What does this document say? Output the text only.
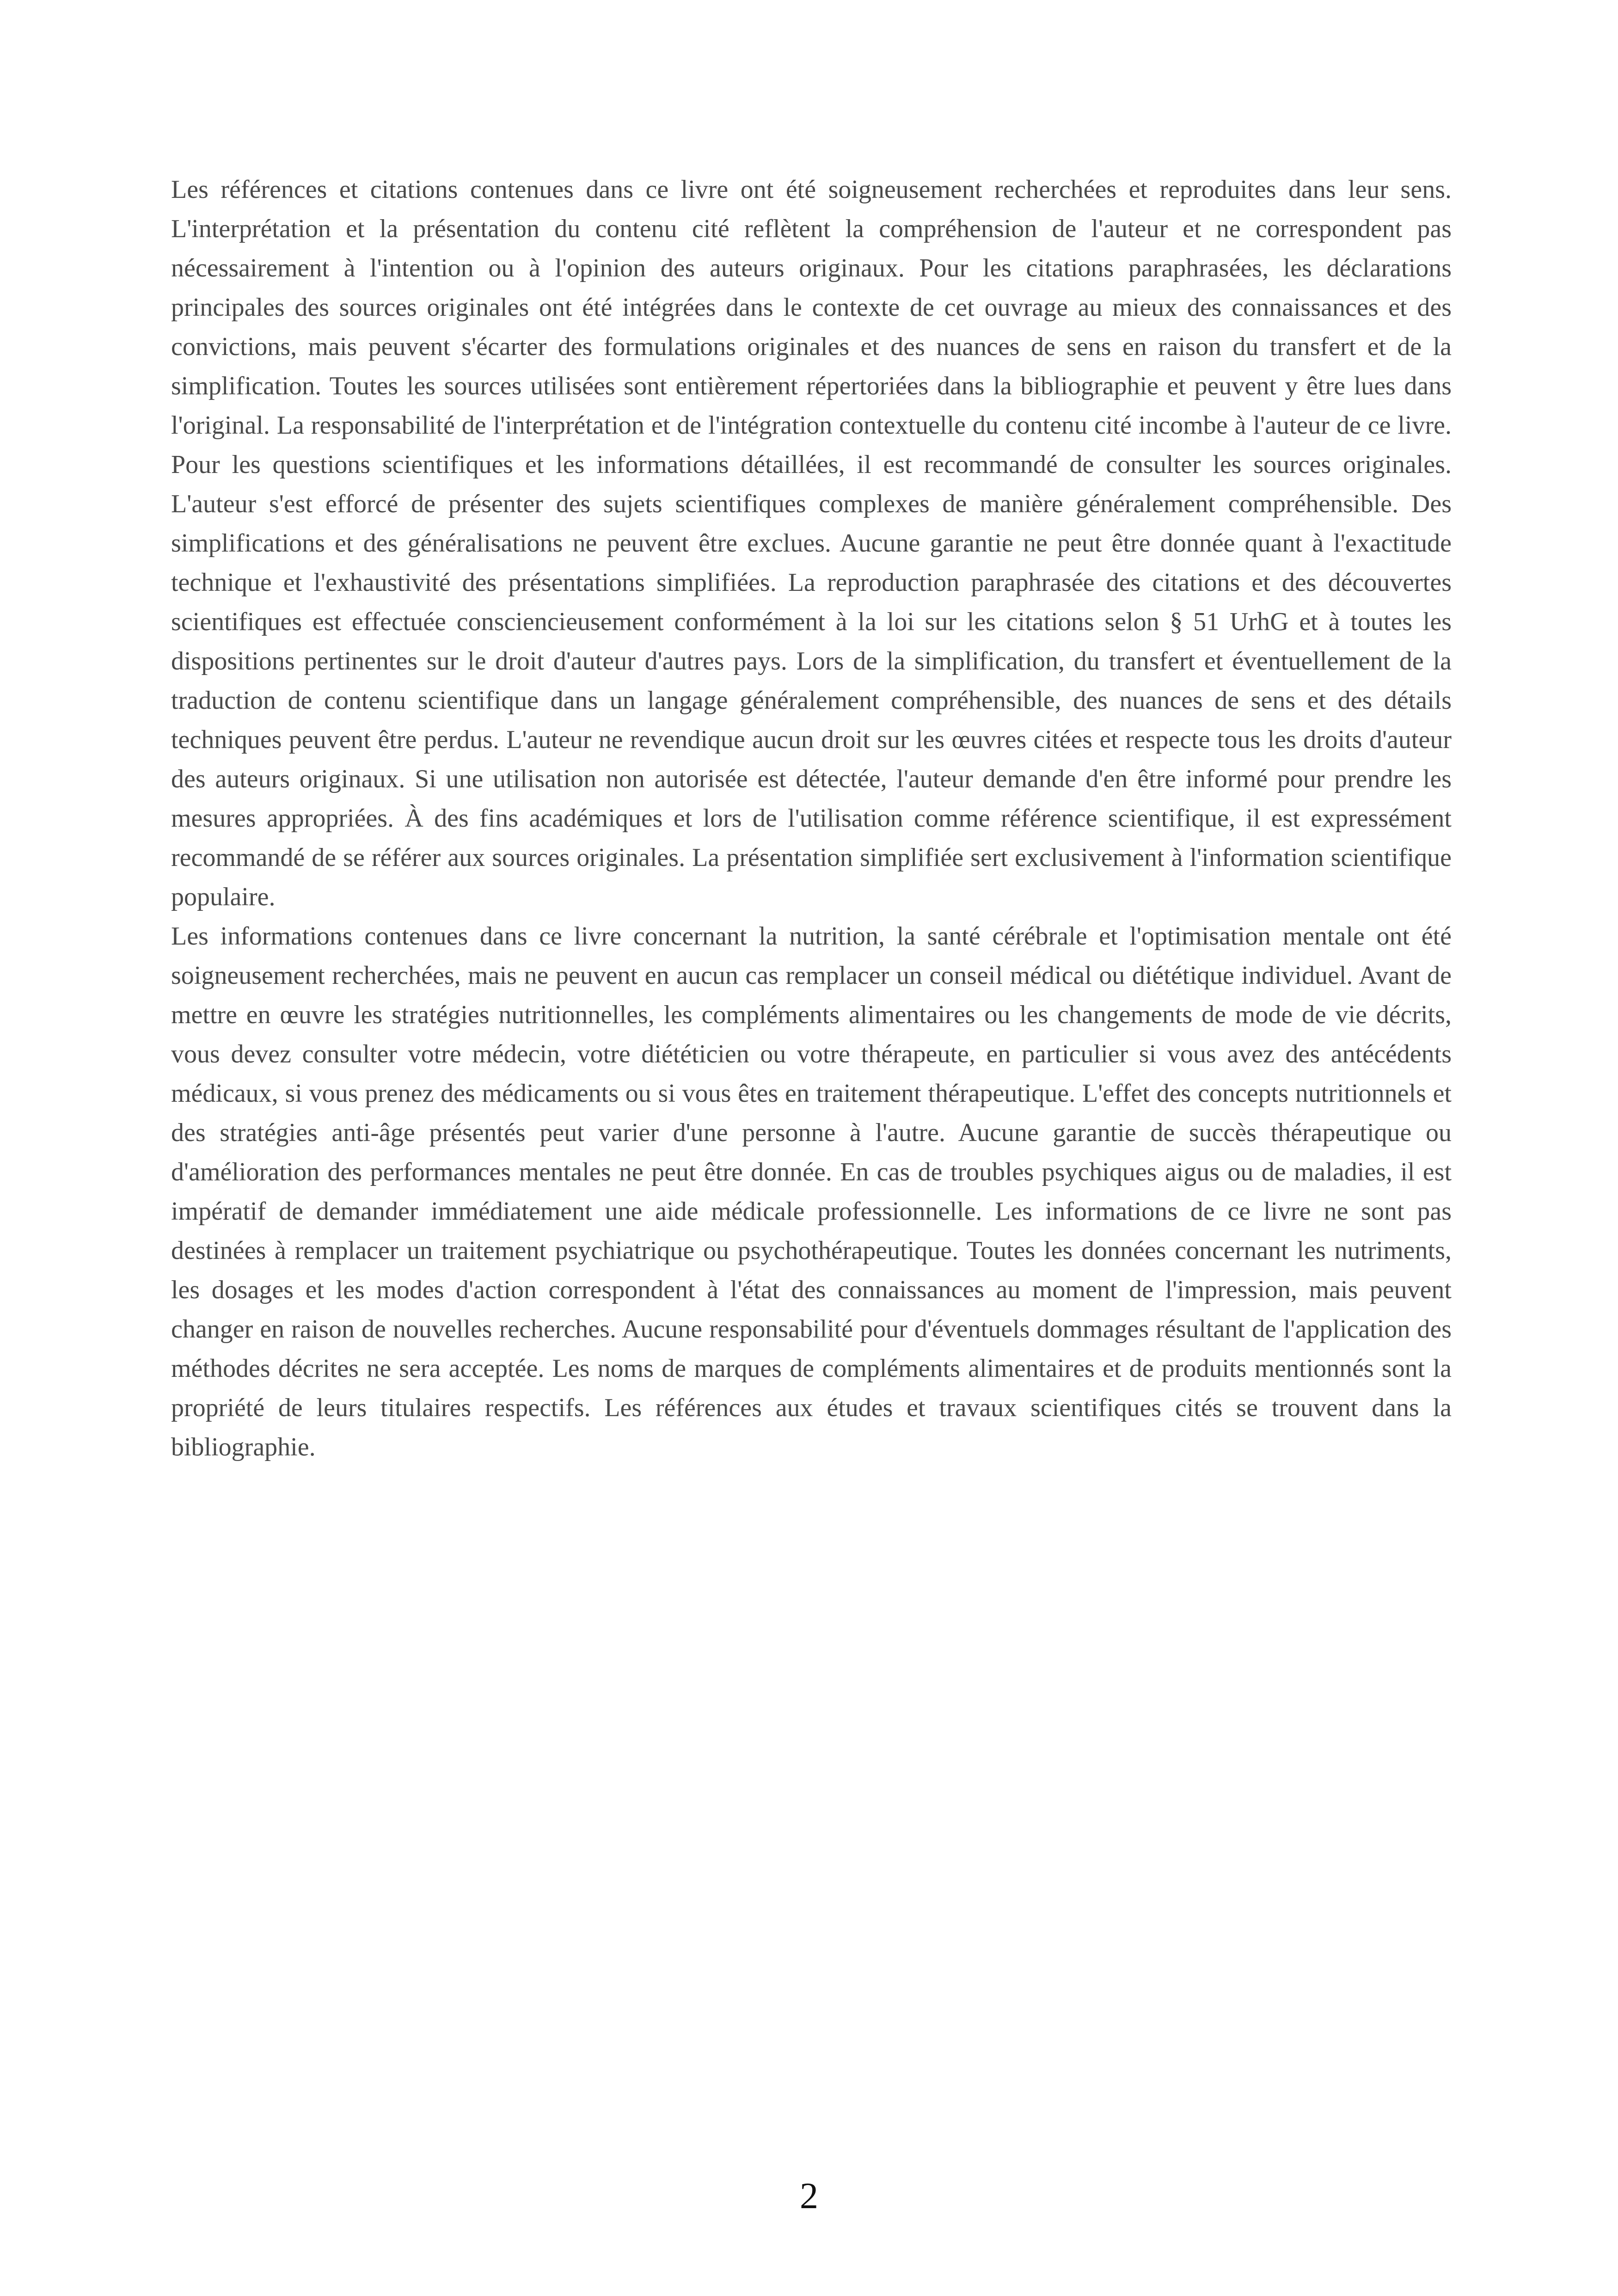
Les références et citations contenues dans ce livre ont été soigneusement recherchées et reproduites dans leur sens. L'interprétation et la présentation du contenu cité reflètent la compréhension de l'auteur et ne correspondent pas nécessairement à l'intention ou à l'opinion des auteurs originaux. Pour les citations paraphrasées, les déclarations principales des sources originales ont été intégrées dans le contexte de cet ouvrage au mieux des connaissances et des convictions, mais peuvent s'écarter des formulations originales et des nuances de sens en raison du transfert et de la simplification. Toutes les sources utilisées sont entièrement répertoriées dans la bibliographie et peuvent y être lues dans l'original. La responsabilité de l'interprétation et de l'intégration contextuelle du contenu cité incombe à l'auteur de ce livre. Pour les questions scientifiques et les informations détaillées, il est recommandé de consulter les sources originales. L'auteur s'est efforcé de présenter des sujets scientifiques complexes de manière généralement compréhensible. Des simplifications et des généralisations ne peuvent être exclues. Aucune garantie ne peut être donnée quant à l'exactitude technique et l'exhaustivité des présentations simplifiées. La reproduction paraphrasée des citations et des découvertes scientifiques est effectuée consciencieusement conformément à la loi sur les citations selon § 51 UrhG et à toutes les dispositions pertinentes sur le droit d'auteur d'autres pays. Lors de la simplification, du transfert et éventuellement de la traduction de contenu scientifique dans un langage généralement compréhensible, des nuances de sens et des détails techniques peuvent être perdus. L'auteur ne revendique aucun droit sur les œuvres citées et respecte tous les droits d'auteur des auteurs originaux. Si une utilisation non autorisée est détectée, l'auteur demande d'en être informé pour prendre les mesures appropriées. À des fins académiques et lors de l'utilisation comme référence scientifique, il est expressément recommandé de se référer aux sources originales. La présentation simplifiée sert exclusivement à l'information scientifique populaire.

Les informations contenues dans ce livre concernant la nutrition, la santé cérébrale et l'optimisation mentale ont été soigneusement recherchées, mais ne peuvent en aucun cas remplacer un conseil médical ou diététique individuel. Avant de mettre en œuvre les stratégies nutritionnelles, les compléments alimentaires ou les changements de mode de vie décrits, vous devez consulter votre médecin, votre diététicien ou votre thérapeute, en particulier si vous avez des antécédents médicaux, si vous prenez des médicaments ou si vous êtes en traitement thérapeutique. L'effet des concepts nutritionnels et des stratégies anti-âge présentés peut varier d'une personne à l'autre. Aucune garantie de succès thérapeutique ou d'amélioration des performances mentales ne peut être donnée. En cas de troubles psychiques aigus ou de maladies, il est impératif de demander immédiatement une aide médicale professionnelle. Les informations de ce livre ne sont pas destinées à remplacer un traitement psychiatrique ou psychothérapeutique. Toutes les données concernant les nutriments, les dosages et les modes d'action correspondent à l'état des connaissances au moment de l'impression, mais peuvent changer en raison de nouvelles recherches. Aucune responsabilité pour d'éventuels dommages résultant de l'application des méthodes décrites ne sera acceptée. Les noms de marques de compléments alimentaires et de produits mentionnés sont la propriété de leurs titulaires respectifs. Les références aux études et travaux scientifiques cités se trouvent dans la bibliographie.

2
